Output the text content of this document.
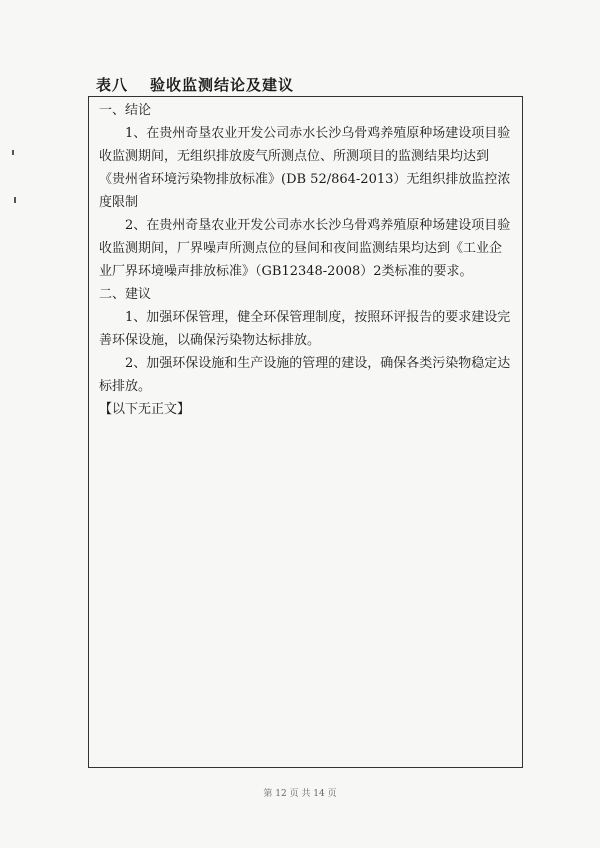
表八 验收监测结论及建议

一、结论

1、在贵州奇垦农业开发公司赤水长沙乌骨鸡养殖原种场建设项目验收监测期间，无组织排放废气所测点位、所测项目的监测结果均达到《贵州省环境污染物排放标准》(DB 52/864-2013）无组织排放监控浓度限制

2、在贵州奇垦农业开发公司赤水长沙乌骨鸡养殖原种场建设项目验收监测期间，厂界噪声所测点位的昼间和夜间监测结果均达到《工业企业厂界环境噪声排放标准》（GB12348-2008）2类标准的要求。

二、建议

1、加强环保管理，健全环保管理制度，按照环评报告的要求建设完善环保设施，以确保污染物达标排放。

2、加强环保设施和生产设施的管理的建设，确保各类污染物稳定达标排放。

【以下无正文】

第 12 页 共 14 页
